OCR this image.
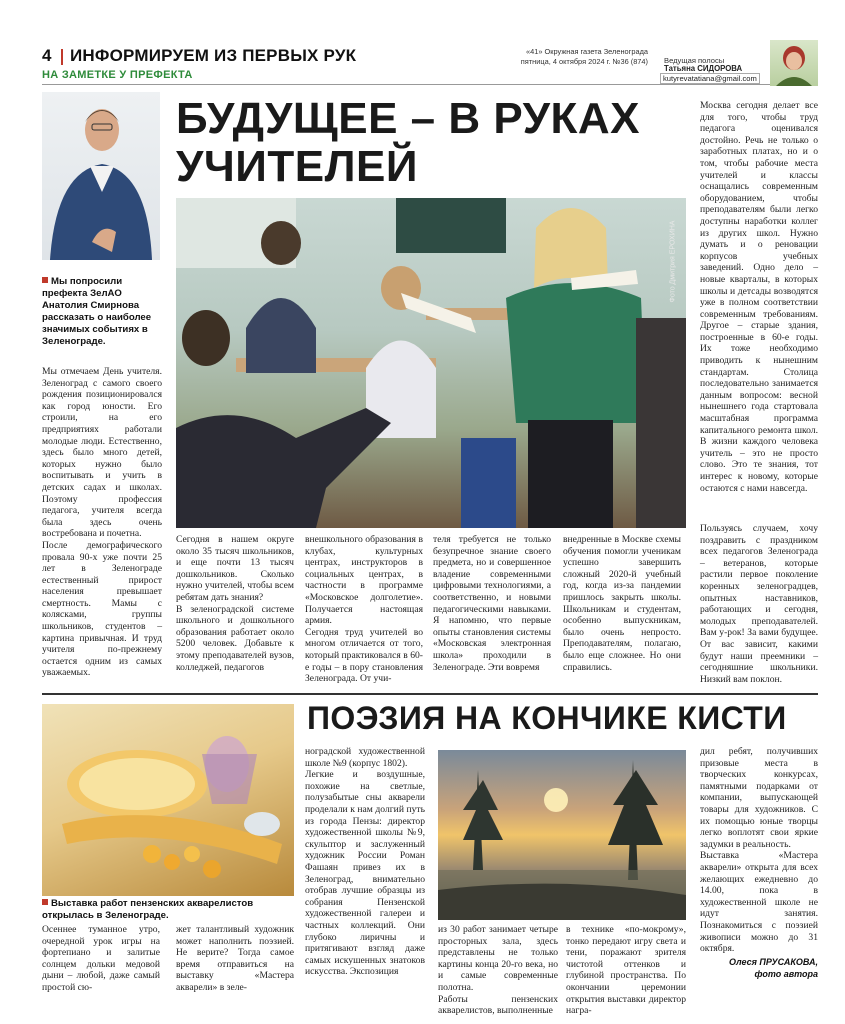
4 ИНФОРМИРУЕМ ИЗ ПЕРВЫХ РУК
НА ЗАМЕТКЕ У ПРЕФЕКТА
«41» Окружная газета Зеленограда
пятница, 4 октября 2024 г. №36 (874) Ведущая полосы
Татьяна СИДОРОВА
kutyrevatatiana@gmail.com
Мы попросили префекта ЗелАО Анатолия Смирнова рассказать о наиболее значимых событиях в Зеленограде.
БУДУЩЕЕ – В РУКАХ
УЧИТЕЛЕЙ
Фото Дмитрия ЕРОХИНА
Мы отмечаем День учителя. Зеленоград с самого своего рождения позиционировался как город юности. Его строили, на его предприятиях работали молодые люди. Естественно, здесь было много детей, которых нужно было воспитывать и учить в детских садах и школах. Поэтому профессия педагога, учителя всегда была здесь очень востребована и почетна.
После демографического провала 90-х уже почти 25 лет в Зеленограде естественный прирост населения превышает смертность. Мамы с колясками, группы школьников, студентов – картина привычная. И труд учителя по-прежнему остается одним из самых уважаемых.
Сегодня в нашем округе около 35 тысяч школьников, и еще почти 13 тысяч дошкольников. Сколько нужно учителей, чтобы всем ребятам дать знания?
В зеленоградской системе школьного и дошкольного образования работает около 5200 человек. Добавьте к этому преподавателей вузов, колледжей, педагогов
внешкольного образования в клубах, культурных центрах, инструкторов в социальных центрах, в частности в программе «Московское долголетие». Получается настоящая армия.
Сегодня труд учителей во многом отличается от того, который практиковался в 60-е годы – в пору становления Зеленограда. От учи-
теля требуется не только безупречное знание своего предмета, но и совершенное владение современными цифровыми технологиями, а соответственно, и новыми педагогическими навыками. Я напомню, что первые опыты становления системы «Московская электронная школа» проходили в Зеленограде. Эти вовремя
внедренные в Москве схемы обучения помогли ученикам успешно завершить сложный 2020-й учебный год, когда из-за пандемии пришлось закрыть школы. Школьникам и студентам, особенно выпускникам, было очень непросто. Преподавателям, полагаю, было еще сложнее. Но они справились.
Москва сегодня делает все для того, чтобы труд педагога оценивался достойно. Речь не только о заработных платах, но и о том, чтобы рабочие места учителей и классы оснащались современным оборудованием, чтобы преподавателям были легко доступны наработки коллег из других школ. Нужно думать и о реновации корпусов учебных заведений. Одно дело – новые кварталы, в которых школы и детсады возводятся уже в полном соответствии современным требованиям. Другое – старые здания, построенные в 60-е годы. Их тоже необходимо приводить к нынешним стандартам. Столица последовательно занимается данным вопросом: весной нынешнего года стартовала масштабная программа капитального ремонта школ. В жизни каждого человека учитель – это не просто слово. Это те знания, тот интерес к новому, которые остаются с нами навсегда.
Пользуясь случаем, хочу поздравить с праздником всех педагогов Зеленограда – ветеранов, которые растили первое поколение коренных зеленоградцев, опытных наставников, работающих и сегодня, молодых преподавателей. Вам у-рок! За вами будущее. От вас зависит, какими будут наши преемники – сегодняшние школьники. Низкий вам поклон.
ПОЭЗИЯ НА КОНЧИКЕ КИСТИ
Выставка работ пензенских акварелистов открылась в Зеленограде.
Осеннее туманное утро, очередной урок игры на фортепиано и залитые солнцем дольки медовой дыни – любой, даже самый простой сю-
жет талантливый художник может наполнить поэзией. Не верите? Тогда самое время отправиться на выставку «Мастера акварели» в зеле-
ноградской художественной школе №9 (корпус 1802).
Легкие и воздушные, похожие на светлые, полузабытые сны акварели проделали к нам долгий путь из города Пензы: директор художественной школы №9, скульптор и заслуженный художник России Роман Фашаян привез их в Зеленоград, внимательно отобрав лучшие образцы из собрания Пензенской художественной галереи и частных коллекций. Они глубоко лиричны и притягивают взгляд даже самых искушенных знатоков искусства. Экспозиция
из 30 работ занимает четыре просторных зала, здесь представлены не только картины конца 20-го века, но и самые современные полотна.
Работы пензенских акварелистов, выполненные
в технике «по-мокрому», тонко передают игру света и тени, поражают зрителя чистотой оттенков и глубиной пространства. По окончании церемонии открытия выставки директор награ-
дил ребят, получивших призовые места в творческих конкурсах, памятными подарками от компании, выпускающей товары для художников. С их помощью юные творцы легко воплотят свои яркие задумки в реальность.
Выставка «Мастера акварели» открыта для всех желающих ежедневно до 14.00, пока в художественной школе не идут занятия. Познакомиться с поэзией живописи можно до 31 октября.
Олеся ПРУСАКОВА,
фото автора
